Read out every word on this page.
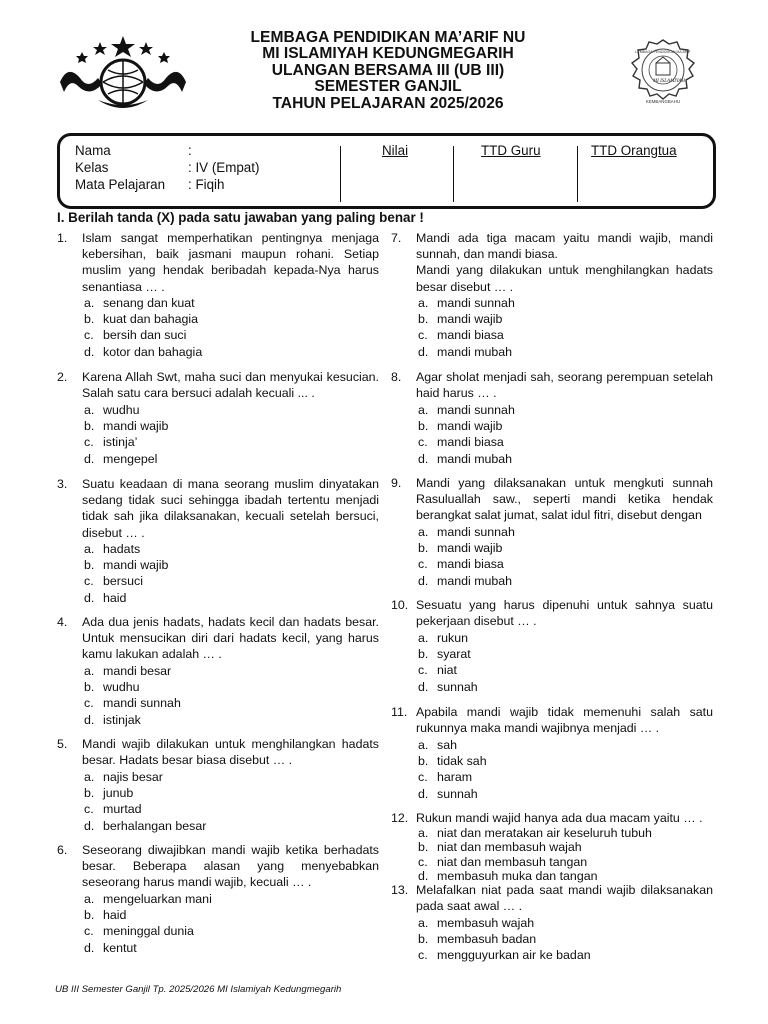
LEMBAGA PENDIDIKAN MA'ARIF
MI ISLAMIYAH
KEMBANGBAHU
LEMBAGA PENDIDIKAN MA’ARIF NU
MI ISLAMIYAH KEDUNGMEGARIH
ULANGAN BERSAMA III (UB III)
SEMESTER GANJIL
TAHUN PELAJARAN 2025/2026
Nama	:
Kelas	: IV (Empat)
Mata Pelajaran : Fiqih
Nilai	TTD Guru	TTD Orangtua
I. Berilah tanda (X) pada satu jawaban yang paling benar !
1. Islam sangat memperhatikan pentingnya menjaga kebersihan, baik jasmani maupun rohani. Setiap muslim yang hendak beribadah kepada-Nya harus senantiasa … .
a. senang dan kuat
b. kuat dan bahagia
c. bersih dan suci
d. kotor dan bahagia
2. Karena Allah Swt, maha suci dan menyukai kesucian. Salah satu cara bersuci adalah kecuali ... .
a. wudhu
b. mandi wajib
c. istinja’
d. mengepel
3. Suatu keadaan di mana seorang muslim dinyatakan sedang tidak suci sehingga ibadah tertentu menjadi tidak sah jika dilaksanakan, kecuali setelah bersuci, disebut … .
a. hadats
b. mandi wajib
c. bersuci
d. haid
4. Ada dua jenis hadats, hadats kecil dan hadats besar. Untuk mensucikan diri dari hadats kecil, yang harus kamu lakukan adalah … .
a. mandi besar
b. wudhu
c. mandi sunnah
d. istinjak
5. Mandi wajib dilakukan untuk menghilangkan hadats besar. Hadats besar biasa disebut … .
a. najis besar
b. junub
c. murtad
d. berhalangan besar
6. Seseorang diwajibkan mandi wajib ketika berhadats besar. Beberapa alasan yang menyebabkan seseorang harus mandi wajib, kecuali … .
a. mengeluarkan mani
b. haid
c. meninggal dunia
d. kentut
7. Mandi ada tiga macam yaitu mandi wajib, mandi sunnah, dan mandi biasa.
Mandi yang dilakukan untuk menghilangkan hadats besar disebut … .
a. mandi sunnah
b. mandi wajib
c. mandi biasa
d. mandi mubah
8. Agar sholat menjadi sah, seorang perempuan setelah haid harus … .
a. mandi sunnah
b. mandi wajib
c. mandi biasa
d. mandi mubah
9. Mandi yang dilaksanakan untuk mengkuti sunnah Rasuluallah saw., seperti mandi ketika hendak berangkat salat jumat, salat idul fitri, disebut dengan
a. mandi sunnah
b. mandi wajib
c. mandi biasa
d. mandi mubah
10. Sesuatu yang harus dipenuhi untuk sahnya suatu pekerjaan disebut … .
a. rukun
b. syarat
c. niat
d. sunnah
11. Apabila mandi wajib tidak memenuhi salah satu rukunnya maka mandi wajibnya menjadi … .
a. sah
b. tidak sah
c. haram
d. sunnah
12. Rukun mandi wajid hanya ada dua macam yaitu … .
a. niat dan meratakan air keseluruh tubuh
b. niat dan membasuh wajah
c. niat dan membasuh tangan
d. membasuh muka dan tangan
13. Melafalkan niat pada saat mandi wajib dilaksanakan pada saat awal … .
a. membasuh wajah
b. membasuh badan
c. mengguyurkan air ke badan
UB III Semester Ganjil Tp. 2025/2026 MI Islamiyah Kedungmegarih
